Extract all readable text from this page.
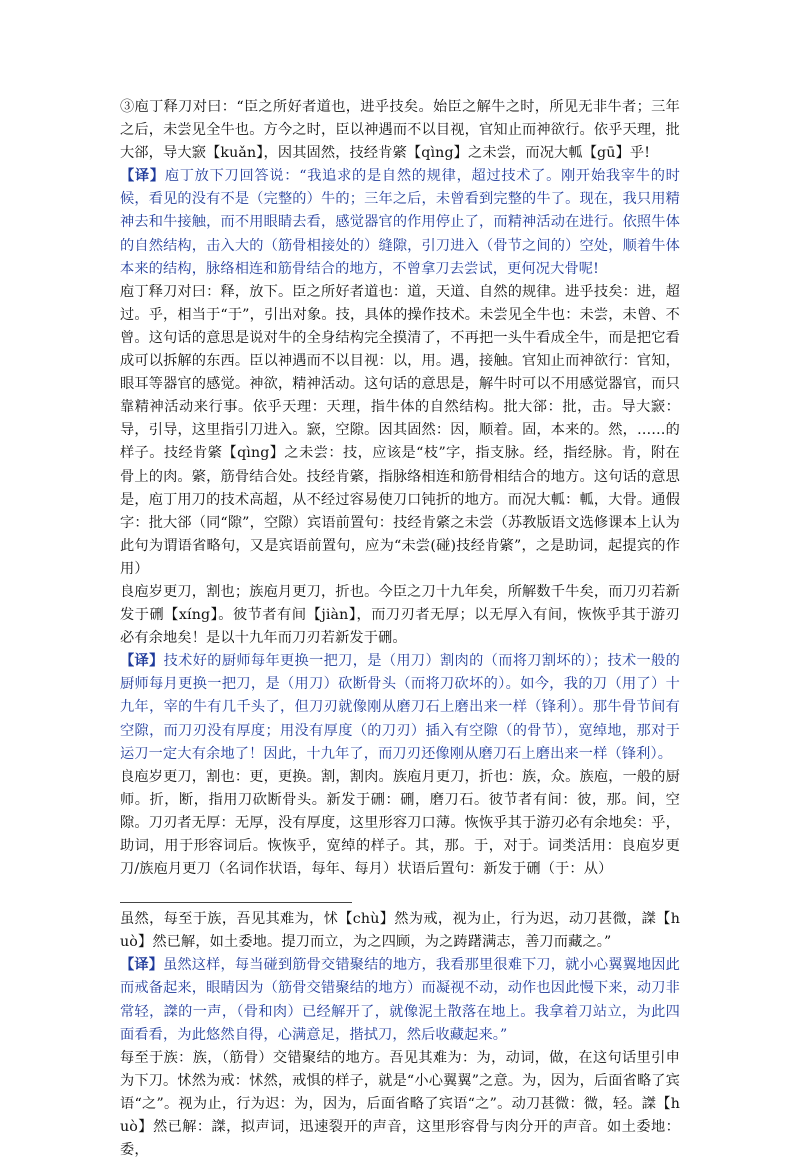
③庖丁释刀对曰：“臣之所好者道也，进乎技矣。始臣之解牛之时，所见无非牛者；三年之后，未尝见全牛也。方今之时，臣以神遇而不以目视，官知止而神欲行。依乎天理，批大郤，导大窾【kuǎn】，因其固然，技经肯綮【qìng】之未尝，而况大軱【gū】乎!

【译】庖丁放下刀回答说：“我追求的是自然的规律，超过技术了。刚开始我宰牛的时候，看见的没有不是（完整的）牛的；三年之后，未曾看到完整的牛了。现在，我只用精神去和牛接触，而不用眼睛去看，感觉器官的作用停止了，而精神活动在进行。依照牛体的自然结构，击入大的（筋骨相接处的）缝隙，引刀进入（骨节之间的）空处，顺着牛体本来的结构，脉络相连和筋骨结合的地方，不曾拿刀去尝试，更何况大骨呢!

庖丁释刀对曰：释，放下。臣之所好者道也：道，天道、自然的规律。进乎技矣：进，超过。乎，相当于“于”，引出对象。技，具体的操作技术。未尝见全牛也：未尝，未曾、不曾。这句话的意思是说对牛的全身结构完全摸清了，不再把一头牛看成全牛，而是把它看成可以拆解的东西。臣以神遇而不以目视：以，用。遇，接触。官知止而神欲行：官知，眼耳等器官的感觉。神欲，精神活动。这句话的意思是，解牛时可以不用感觉器官，而只靠精神活动来行事。依乎天理：天理，指牛体的自然结构。批大郤：批，击。导大窾：导，引导，这里指引刀进入。窾，空隙。因其固然：因，顺着。固，本来的。然，……的样子。技经肯綮【qìng】之未尝：技，应该是“枝”字，指支脉。经，指经脉。肯，附在骨上的肉。綮，筋骨结合处。技经肯綮，指脉络相连和筋骨相结合的地方。这句话的意思是，庖丁用刀的技术高超，从不经过容易使刀口钝折的地方。而况大軱：軱，大骨。通假字：批大郤（同“隙”，空隙）宾语前置句：技经肯綮之未尝（苏教版语文选修课本上认为此句为谓语省略句，又是宾语前置句，应为“未尝(碰)技经肯綮”，之是助词，起提宾的作用）

良庖岁更刀，割也；族庖月更刀，折也。今臣之刀十九年矣，所解数千牛矣，而刀刃若新发于硎【xíng】。彼节者有间【jiàn】，而刀刃者无厚；以无厚入有间，恢恢乎其于游刃必有余地矣！是以十九年而刀刃若新发于硎。

【译】技术好的厨师每年更换一把刀，是（用刀）割肉的（而将刀割坏的）；技术一般的厨师每月更换一把刀，是（用刀）砍断骨头（而将刀砍坏的）。如今，我的刀（用了）十九年，宰的牛有几千头了，但刀刃就像刚从磨刀石上磨出来一样（锋利）。那牛骨节间有空隙，而刀刃没有厚度；用没有厚度（的刀刃）插入有空隙（的骨节），宽绰地，那对于运刀一定大有余地了！因此，十九年了，而刀刃还像刚从磨刀石上磨出来一样（锋利）。

良庖岁更刀，割也：更，更换。割，割肉。族庖月更刀，折也：族，众。族庖，一般的厨师。折，断，指用刀砍断骨头。新发于硎：硎，磨刀石。彼节者有间：彼，那。间，空隙。刀刃者无厚：无厚，没有厚度，这里形容刀口薄。恢恢乎其于游刃必有余地矣：乎，助词，用于形容词后。恢恢乎，宽绰的样子。其，那。于，对于。词类活用：良庖岁更刀/族庖月更刀（名词作状语，每年、每月）状语后置句：新发于硎（于：从）

虽然，每至于族，吾见其难为，怵【chù】然为戒，视为止，行为迟，动刀甚微，謋【huò】然已解，如土委地。提刀而立，为之四顾，为之踌躇满志，善刀而藏之。”

【译】虽然这样，每当碰到筋骨交错聚结的地方，我看那里很难下刀，就小心翼翼地因此而戒备起来，眼睛因为（筋骨交错聚结的地方）而凝视不动，动作也因此慢下来，动刀非常轻，謋的一声，（骨和肉）已经解开了，就像泥土散落在地上。我拿着刀站立，为此四面看看，为此悠然自得，心满意足，揩拭刀，然后收藏起来。”

每至于族：族，（筋骨）交错聚结的地方。吾见其难为：为，动词，做，在这句话里引申为下刀。怵然为戒：怵然，戒惧的样子，就是“小心翼翼”之意。为，因为，后面省略了宾语“之”。视为止，行为迟：为，因为，后面省略了宾语“之”。动刀甚微：微，轻。謋【huò】然已解：謋，拟声词，迅速裂开的声音，这里形容骨与肉分开的声音。如土委地：委，
